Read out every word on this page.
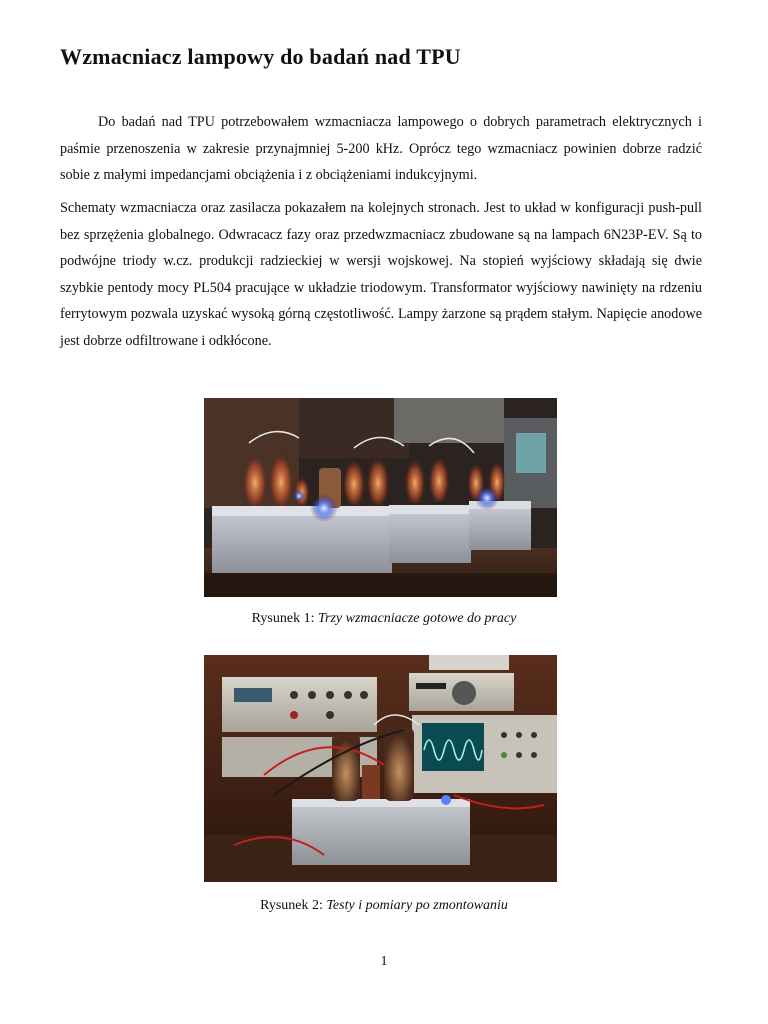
Wzmacniacz lampowy do badań nad TPU

Do badań nad TPU potrzebowałem wzmacniacza lampowego o dobrych parametrach elektrycznych i paśmie przenoszenia w zakresie przynajmniej 5-200 kHz. Oprócz tego wzmacniacz powinien dobrze radzić sobie z małymi impedancjami obciążenia i z obciążeniami indukcyjnymi.

Schematy wzmacniacza oraz zasilacza pokazałem na kolejnych stronach. Jest to układ w konfiguracji push-pull bez sprzężenia globalnego. Odwracacz fazy oraz przedwzmacniacz zbudowane są na lampach 6N23P-EV. Są to podwójne triody w.cz. produkcji radzieckiej w wersji wojskowej. Na stopień wyjściowy składają się dwie szybkie pentody mocy PL504 pracujące w układzie triodowym. Transformator wyjściowy nawinięty na rdzeniu ferrytowym pozwala uzyskać wysoką górną częstotliwość. Lampy żarzone są prądem stałym. Napięcie anodowe jest dobrze odfiltrowane i odkłócone.

Rysunek 1: Trzy wzmacniacze gotowe do pracy

Rysunek 2: Testy i pomiary po zmontowaniu

1
